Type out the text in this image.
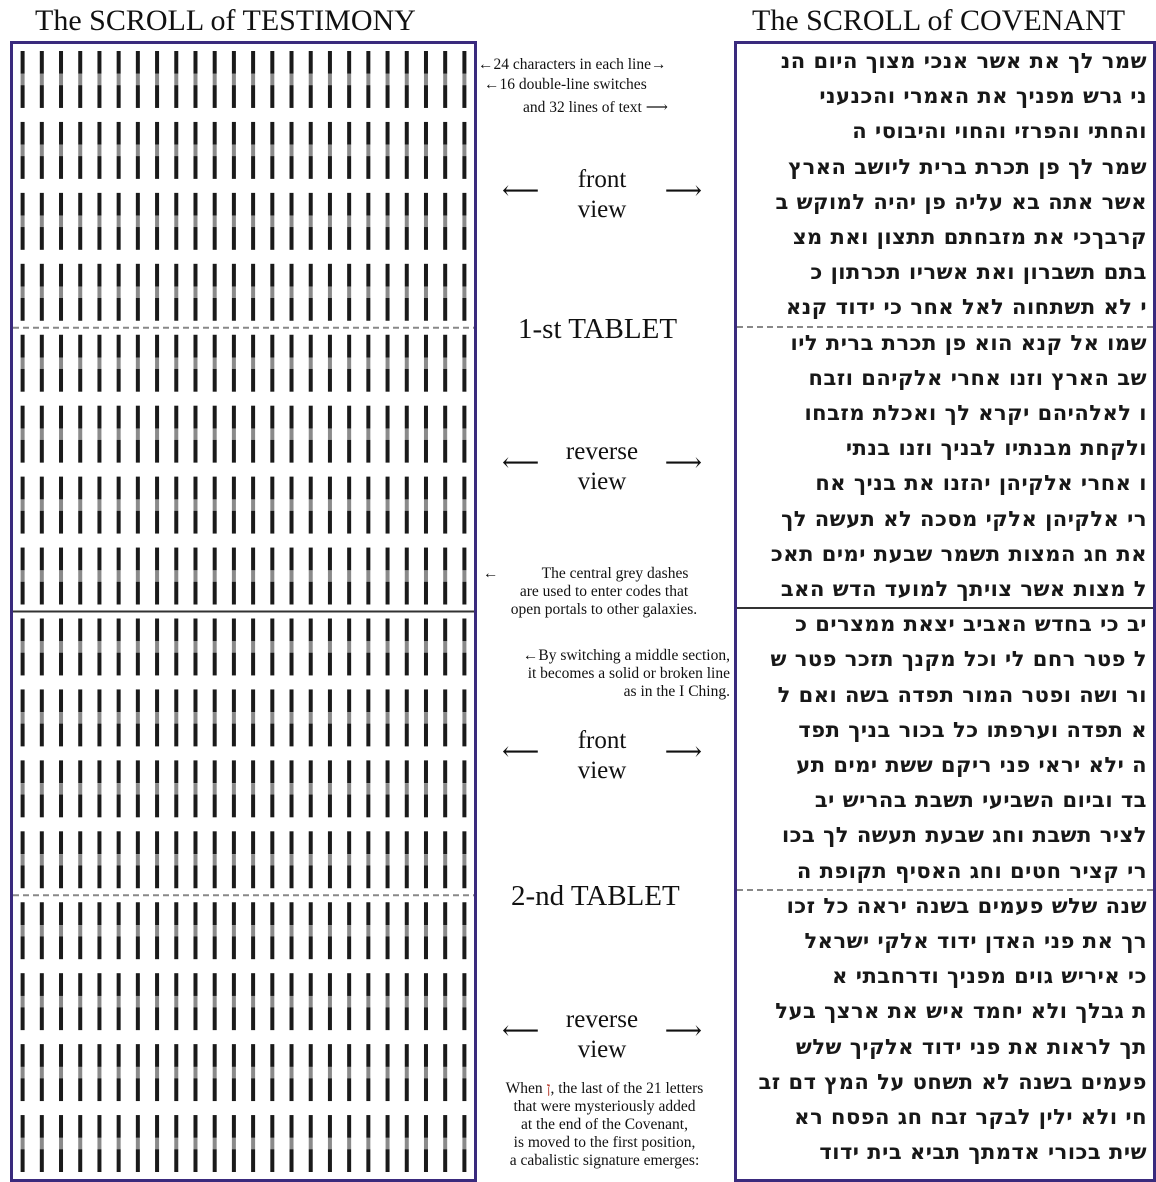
The SCROLL of TESTIMONY	The SCROLL of COVENANT
שמר לך את אשר אנכי מצוך היום הנ
ני גרש מפניך את האמרי והכנעני
והחתי והפרזי והחוי והיבוסי ה
שמר לך פן תכרת ברית ליושב הארץ
אשר אתה בא עליה פן יהיה למוקש ב
קרבךכי את מזבחתם תתצון ואת מצ
בתם תשברון ואת אשריו תכרתון כ
י לא תשתחוה לאל אחר כי ידוד קנא
שמו אל קנא הוא פן תכרת ברית ליו
שב הארץ וזנו אחרי אלקיהם וזבח
ו לאלהיהם יקרא לך ואכלת מזבחו
ולקחת מבנתיו לבניך וזנו בנתי
ו אחרי אלקיהן יהזנו את בניך אח
רי אלקיהן אלקי מסכה לא תעשה לך
את חג המצות תשמר שבעת ימים תאכ
ל מצות אשר צויתך למועד הדש האב
יב כי בחדש האביב יצאת ממצרים כ
ל פטר רחם לי וכל מקנך תזכר פטר ש
ור ושה ופטר המור תפדה בשה ואם ל
א תפדה וערפתו כל בכור בניך תפד
ה ילא יראי פני ריקם ששת ימים תע
בד וביום השביעי תשבת בהריש יב
לציר תשבת וחג שבעת תעשה לך בכו
רי קציר חטים וחג האסיף תקופת ה
שנה שלש פעמים בשנה יראה כל זכו
רך את פני האדן ידוד אלקי ישראל
כי איריש גוים מפניך ודרחבתי א
ת גבלך ולא יחמד איש את ארצך בעל
תך לראות את פני ידוד אלקיך שלש
פעמים בשנה לא תשחט על המץ דם זב
חי ולא ילין לבקר זבח חג הפסח רא
שית בכורי אדמתך תביא בית ידוד
←24 characters in each line→
←16 double-line switches
and 32 lines of text ⟶
1-st TABLET
2-nd TABLET
⟵	front
view
⟶
⟵	reverse
view
⟶
⟵	front
view
⟶
⟵	reverse
view
⟶
←	The central grey dashes
are used to enter codes that
open portals to other galaxies.
←By switching a middle section,
it becomes a solid or broken line
as in the I Ching.
When ן, the last of the 21 letters
that were mysteriously added
at the end of the Covenant,
is moved to the first position,
a cabalistic signature emerges:
